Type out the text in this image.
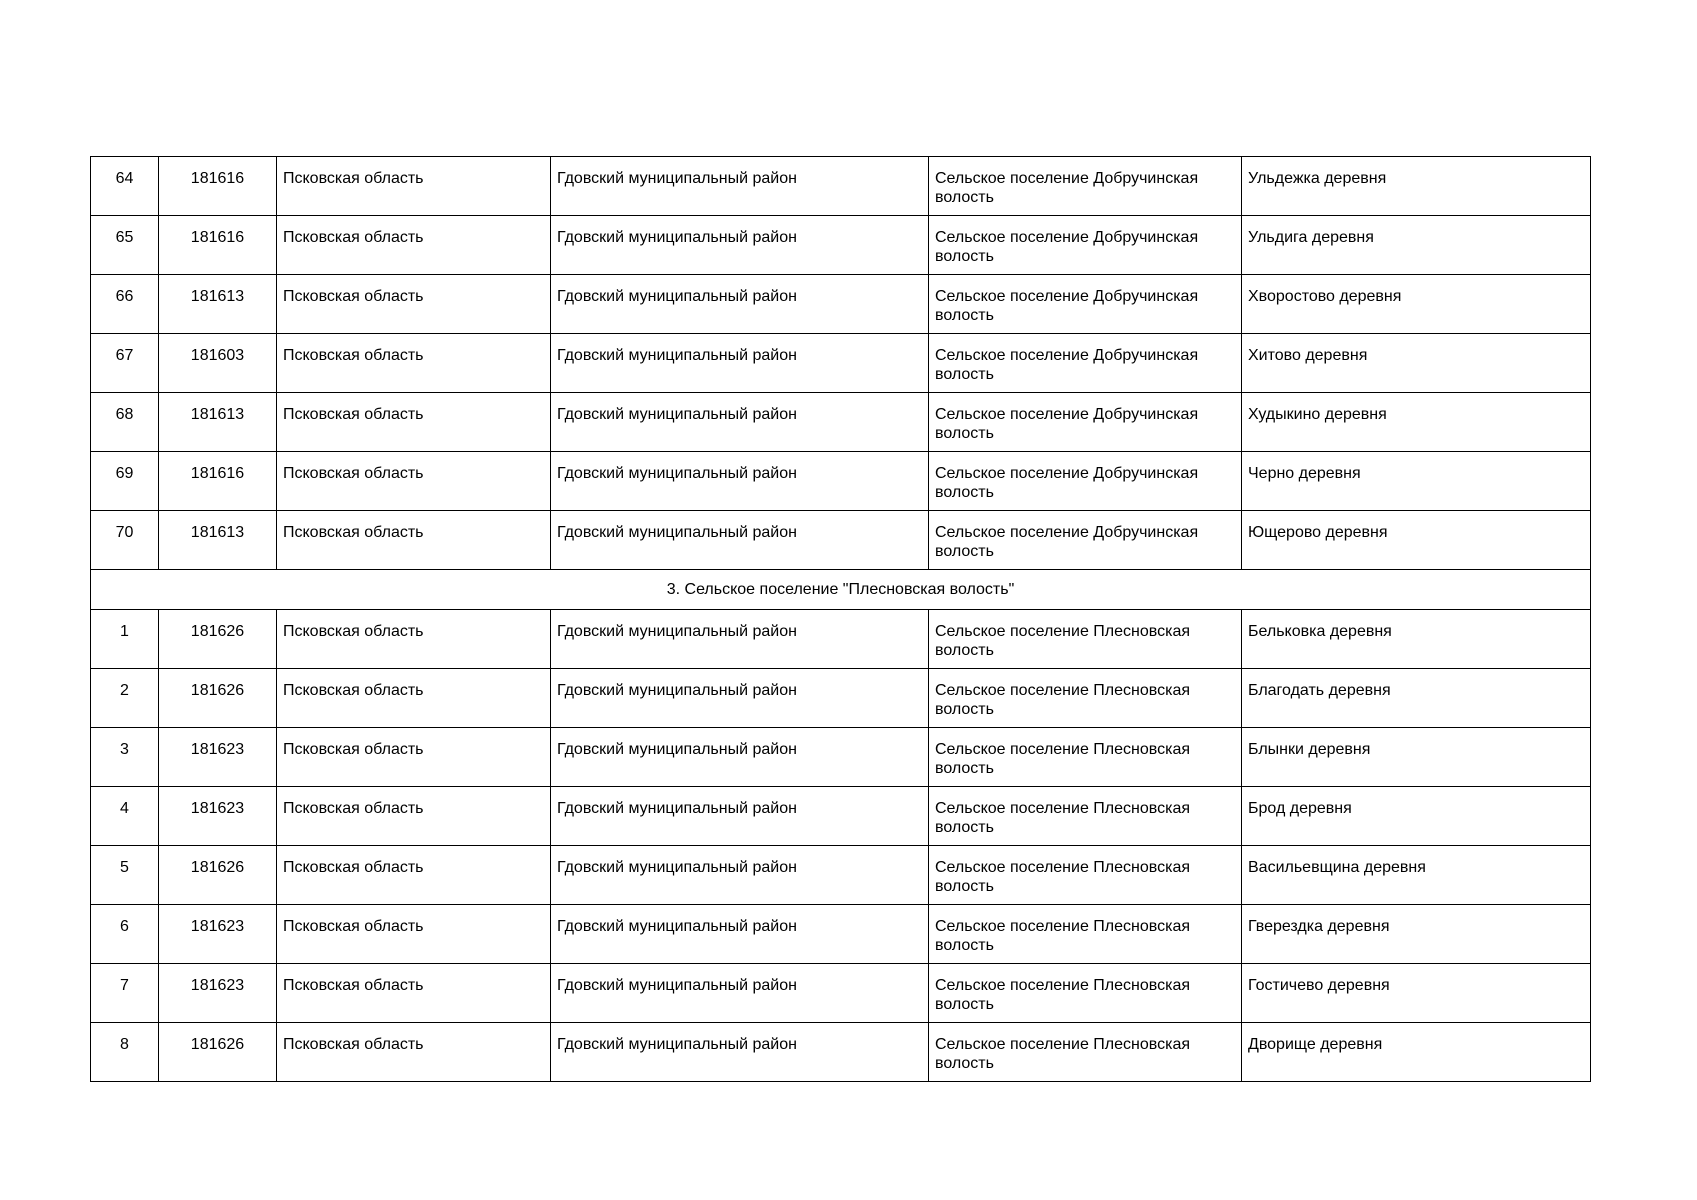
64	181616	Псковская область	Гдовский муниципальный район	Сельское поселение Добручинская волость	Ульдежка деревня
65	181616	Псковская область	Гдовский муниципальный район	Сельское поселение Добручинская волость	Ульдига деревня
66	181613	Псковская область	Гдовский муниципальный район	Сельское поселение Добручинская волость	Хворостово деревня
67	181603	Псковская область	Гдовский муниципальный район	Сельское поселение Добручинская волость	Хитово деревня
68	181613	Псковская область	Гдовский муниципальный район	Сельское поселение Добручинская волость	Худыкино деревня
69	181616	Псковская область	Гдовский муниципальный район	Сельское поселение Добручинская волость	Черно деревня
70	181613	Псковская область	Гдовский муниципальный район	Сельское поселение Добручинская волость	Ющерово деревня
3. Сельское поселение "Плесновская волость"					
1	181626	Псковская область	Гдовский муниципальный район	Сельское поселение Плесновская волость	Бельковка деревня
2	181626	Псковская область	Гдовский муниципальный район	Сельское поселение Плесновская волость	Благодать деревня
3	181623	Псковская область	Гдовский муниципальный район	Сельское поселение Плесновская волость	Блынки деревня
4	181623	Псковская область	Гдовский муниципальный район	Сельское поселение Плесновская волость	Брод деревня
5	181626	Псковская область	Гдовский муниципальный район	Сельское поселение Плесновская волость	Васильевщина деревня
6	181623	Псковская область	Гдовский муниципальный район	Сельское поселение Плесновская волость	Гверездка деревня
7	181623	Псковская область	Гдовский муниципальный район	Сельское поселение Плесновская волость	Гостичево деревня
8	181626	Псковская область	Гдовский муниципальный район	Сельское поселение Плесновская волость	Дворище деревня
